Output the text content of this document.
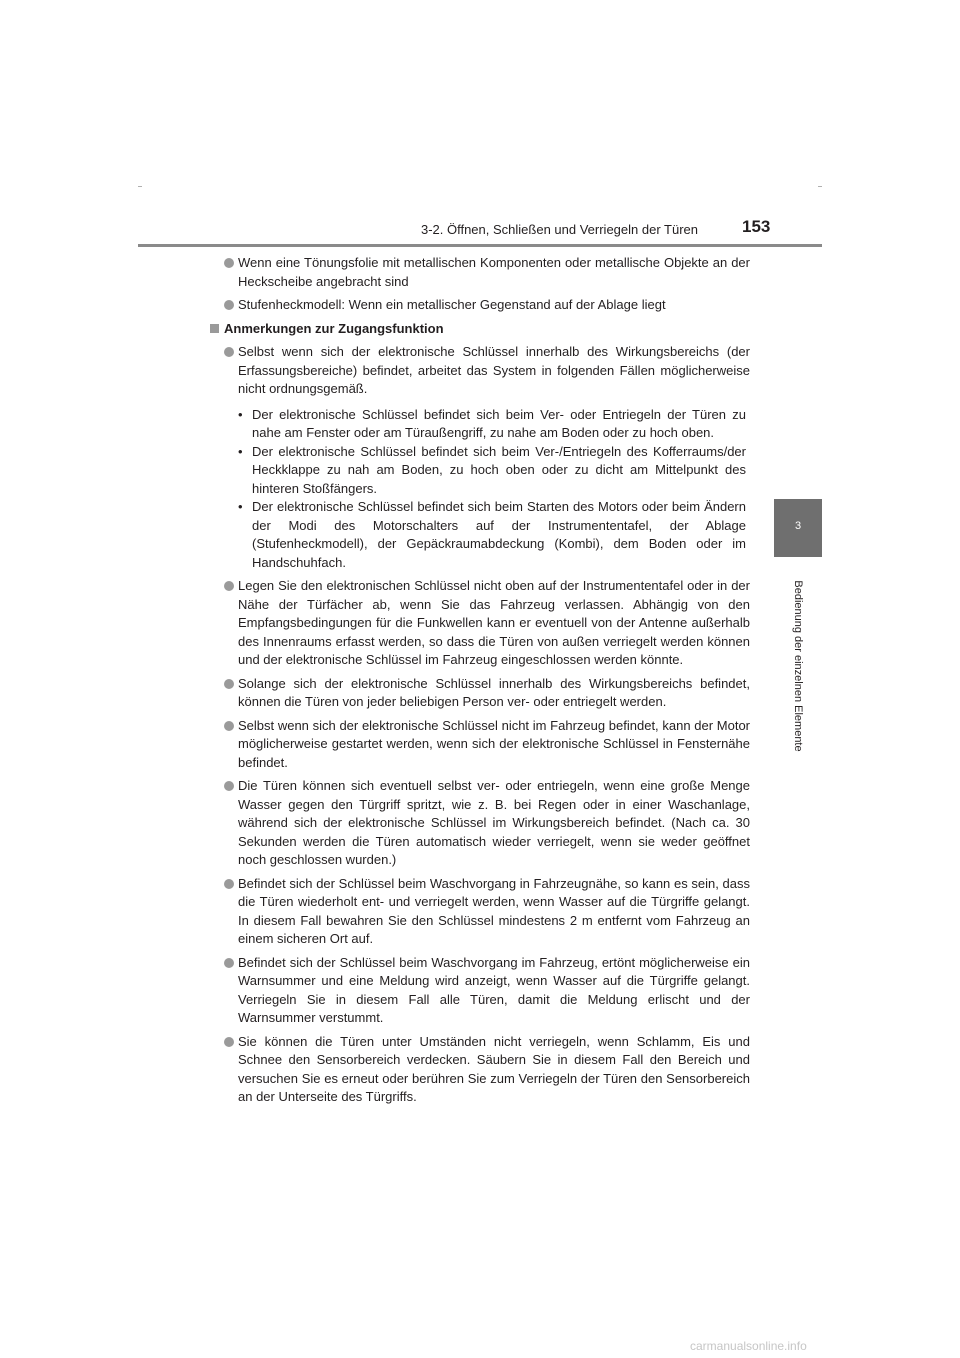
3-2. Öffnen, Schließen und Verriegeln der Türen	153
3
Bedienung der einzelnen Elemente
Wenn eine Tönungsfolie mit metallischen Komponenten oder metallische Objekte an der Heckscheibe angebracht sind
Stufenheckmodell: Wenn ein metallischer Gegenstand auf der Ablage liegt
Anmerkungen zur Zugangsfunktion
Selbst wenn sich der elektronische Schlüssel innerhalb des Wirkungsbereichs (der Erfassungsbereiche) befindet, arbeitet das System in folgenden Fällen möglicherweise nicht ordnungsgemäß.
• Der elektronische Schlüssel befindet sich beim Ver- oder Entriegeln der Türen zu nahe am Fenster oder am Türaußengriff, zu nahe am Boden oder zu hoch oben.
• Der elektronische Schlüssel befindet sich beim Ver-/Entriegeln des Kofferraums/der Heckklappe zu nah am Boden, zu hoch oben oder zu dicht am Mittelpunkt des hinteren Stoßfängers.
• Der elektronische Schlüssel befindet sich beim Starten des Motors oder beim Ändern der Modi des Motorschalters auf der Instrumententafel, der Ablage (Stufenheckmodell), der Gepäckraumabdeckung (Kombi), dem Boden oder im Handschuhfach.
Legen Sie den elektronischen Schlüssel nicht oben auf der Instrumententafel oder in der Nähe der Türfächer ab, wenn Sie das Fahrzeug verlassen. Abhängig von den Empfangsbedingungen für die Funkwellen kann er eventuell von der Antenne außerhalb des Innenraums erfasst werden, so dass die Türen von außen verriegelt werden können und der elektronische Schlüssel im Fahrzeug eingeschlossen werden könnte.
Solange sich der elektronische Schlüssel innerhalb des Wirkungsbereichs befindet, können die Türen von jeder beliebigen Person ver- oder entriegelt werden.
Selbst wenn sich der elektronische Schlüssel nicht im Fahrzeug befindet, kann der Motor möglicherweise gestartet werden, wenn sich der elektronische Schlüssel in Fensternähe befindet.
Die Türen können sich eventuell selbst ver- oder entriegeln, wenn eine große Menge Wasser gegen den Türgriff spritzt, wie z. B. bei Regen oder in einer Waschanlage, während sich der elektronische Schlüssel im Wirkungsbereich befindet. (Nach ca. 30 Sekunden werden die Türen automatisch wieder verriegelt, wenn sie weder geöffnet noch geschlossen wurden.)
Befindet sich der Schlüssel beim Waschvorgang in Fahrzeugnähe, so kann es sein, dass die Türen wiederholt ent- und verriegelt werden, wenn Wasser auf die Türgriffe gelangt. In diesem Fall bewahren Sie den Schlüssel mindestens 2 m entfernt vom Fahrzeug an einem sicheren Ort auf.
Befindet sich der Schlüssel beim Waschvorgang im Fahrzeug, ertönt möglicherweise ein Warnsummer und eine Meldung wird anzeigt, wenn Wasser auf die Türgriffe gelangt. Verriegeln Sie in diesem Fall alle Türen, damit die Meldung erlischt und der Warnsummer verstummt.
Sie können die Türen unter Umständen nicht verriegeln, wenn Schlamm, Eis und Schnee den Sensorbereich verdecken. Säubern Sie in diesem Fall den Bereich und versuchen Sie es erneut oder berühren Sie zum Verriegeln der Türen den Sensorbereich an der Unterseite des Türgriffs.
carmanualsonline.info
